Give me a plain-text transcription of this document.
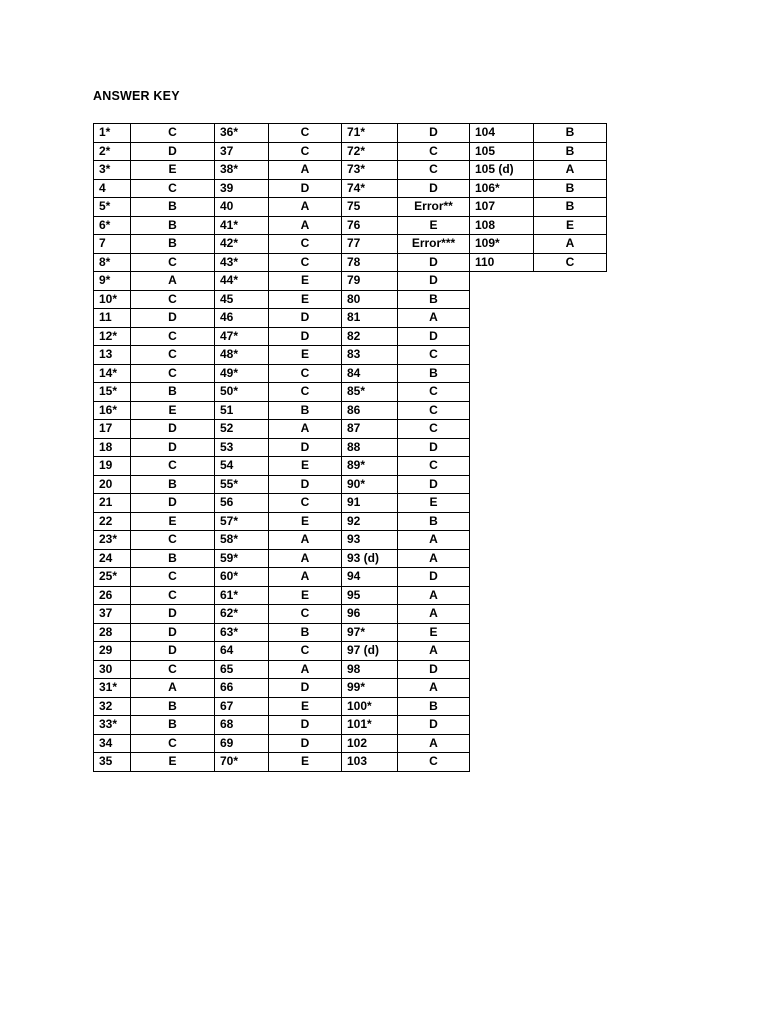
ANSWER KEY
1*	C
2*	D
3*	E
4	C
5*	B
6*	B
7	B
8*	C
9*	A
10*	C
11	D
12*	C
13	C
14*	C
15*	B
16*	E
17	D
18	D
19	C
20	B
21	D
22	E
23*	C
24	B
25*	C
26	C
37	D
28	D
29	D
30	C
31*	A
32	B
33*	B
34	C
35	E
36*	C
37	C
38*	A
39	D
40	A
41*	A
42*	C
43*	C
44*	E
45	E
46	D
47*	D
48*	E
49*	C
50*	C
51	B
52	A
53	D
54	E
55*	D
56	C
57*	E
58*	A
59*	A
60*	A
61*	E
62*	C
63*	B
64	C
65	A
66	D
67	E
68	D
69	D
70*	E
71*	D
72*	C
73*	C
74*	D
75	Error**
76	E
77	Error***
78	D
79	D
80	B
81	A
82	D
83	C
84	B
85*	C
86	C
87	C
88	D
89*	C
90*	D
91	E
92	B
93	A
93 (d)	A
94	D
95	A
96	A
97*	E
97 (d)	A
98	D
99*	A
100*	B
101*	D
102	A
103	C
104	B
105	B
105 (d)	A
106*	B
107	B
108	E
109*	A
110	C
